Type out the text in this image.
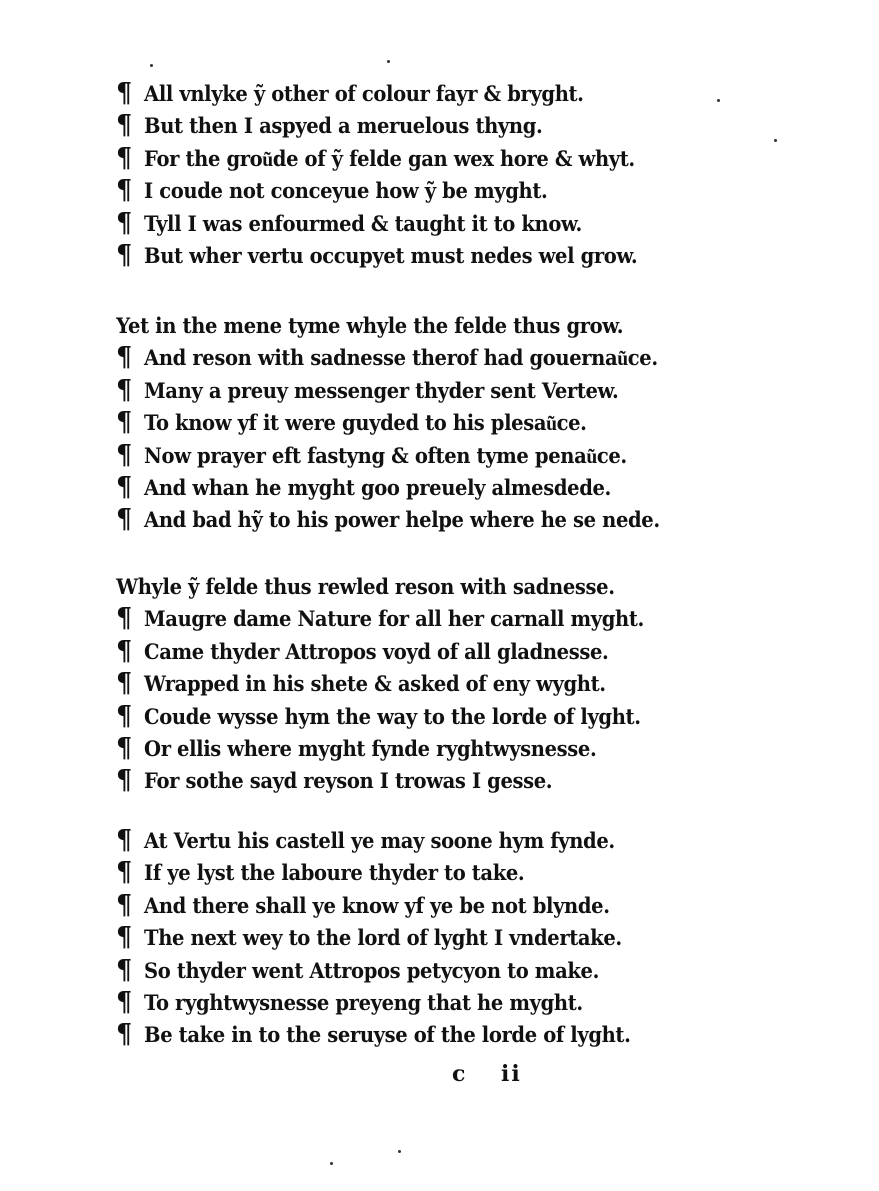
¶ All vnlyke ỹ other of colour fayr & bryght.
¶ But then I aspyed a meruelous thyng.
¶ For the grou͂de of ỹ felde gan wex hore & whyt.
¶ I coude not conceyue how ỹ be myght.
¶ Tyll I was enfourmed & taught it to know.
¶ But wher vertu occupyet must nedes wel grow.
Yet in the mene tyme whyle the felde thus grow.
¶ And reson with sadnesse therof had gouernau͂ce.
¶ Many a preuy messenger thyder sent Vertew.
¶ To know yf it were guyded to his plesau͂ce.
¶ Now prayer eft fastyng & often tyme penau͂ce.
¶ And whan he myght goo preuely almesdede.
¶ And bad hỹ to his power helpe where he se nede.
Whyle ỹ felde thus rewled reson with sadnesse.
¶ Maugre dame Nature for all her carnall myght.
¶ Came thyder Attropos voyd of all gladnesse.
¶ Wrapped in his shete & asked of eny wyght.
¶ Coude wysse hym the way to the lorde of lyght.
¶ Or ellis where myght fynde ryghtwysnesse.
¶ For sothe sayd reyson I trowas I gesse.
¶ At Vertu his castell ye may soone hym fynde.
¶ If ye lyst the laboure thyder to take.
¶ And there shall ye know yf ye be not blynde.
¶ The next wey to the lord of lyght I vndertake.
¶ So thyder went Attropos petycyon to make.
¶ To ryghtwysnesse preyeng that he myght.
¶ Be take in to the seruyse of the lorde of lyght.
c ii
